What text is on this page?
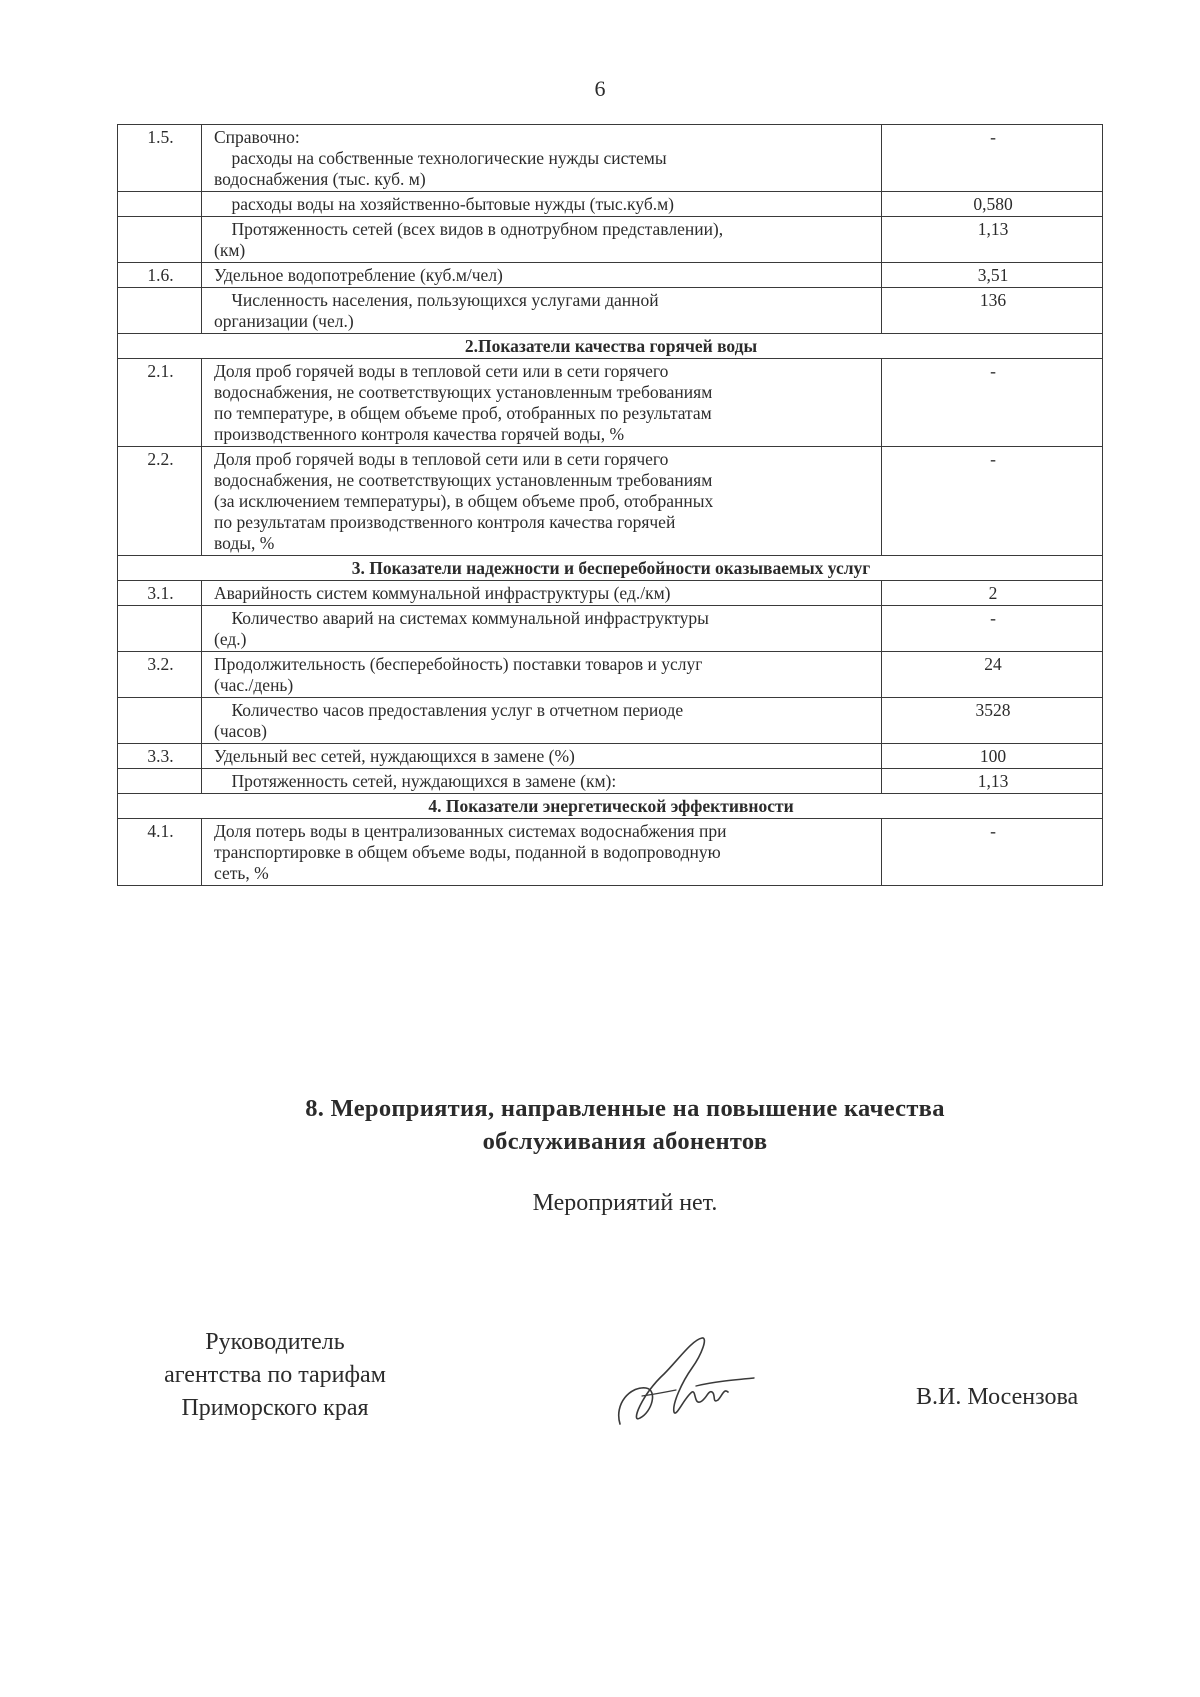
6
1.5.	Справочно:
расходы на собственные технологические нужды системы
водоснабжения (тыс. куб. м)	-

	расходы воды на хозяйственно-бытовые нужды (тыс.куб.м)	0,580

	Протяженность сетей (всех видов в однотрубном представлении),
(км)	1,13
1.6.	Удельное водопотребление (куб.м/чел)	3,51

	Численность населения, пользующихся услугами данной
организации (чел.)	136
2.Показатели качества горячей воды		
2.1.	Доля проб горячей воды в тепловой сети или в сети горячего
водоснабжения, не соответствующих установленным требованиям
по температуре, в общем объеме проб, отобранных по результатам
производственного контроля качества горячей воды, %	-
2.2.	Доля проб горячей воды в тепловой сети или в сети горячего
водоснабжения, не соответствующих установленным требованиям
(за исключением температуры), в общем объеме проб, отобранных
по результатам производственного контроля качества горячей
воды, %	-
3. Показатели надежности и бесперебойности оказываемых услуг		
3.1.	Аварийность систем коммунальной инфраструктуры (ед./км)	2

	Количество аварий на системах коммунальной инфраструктуры
(ед.)	-
3.2.	Продолжительность (бесперебойность) поставки товаров и услуг
(час./день)	24

	Количество часов предоставления услуг в отчетном периоде
(часов)	3528
3.3.	Удельный вес сетей, нуждающихся в замене (%)	100

	Протяженность сетей, нуждающихся в замене (км):	1,13
4. Показатели энергетической эффективности		
4.1.	Доля потерь воды в централизованных системах водоснабжения при
транспортировке в общем объеме воды, поданной в водопроводную
сеть, %	-
8. Мероприятия, направленные на повышение качества
обслуживания абонентов
Мероприятий нет.
Руководитель
агентства по тарифам
Приморского края	В.И. Мосензова
